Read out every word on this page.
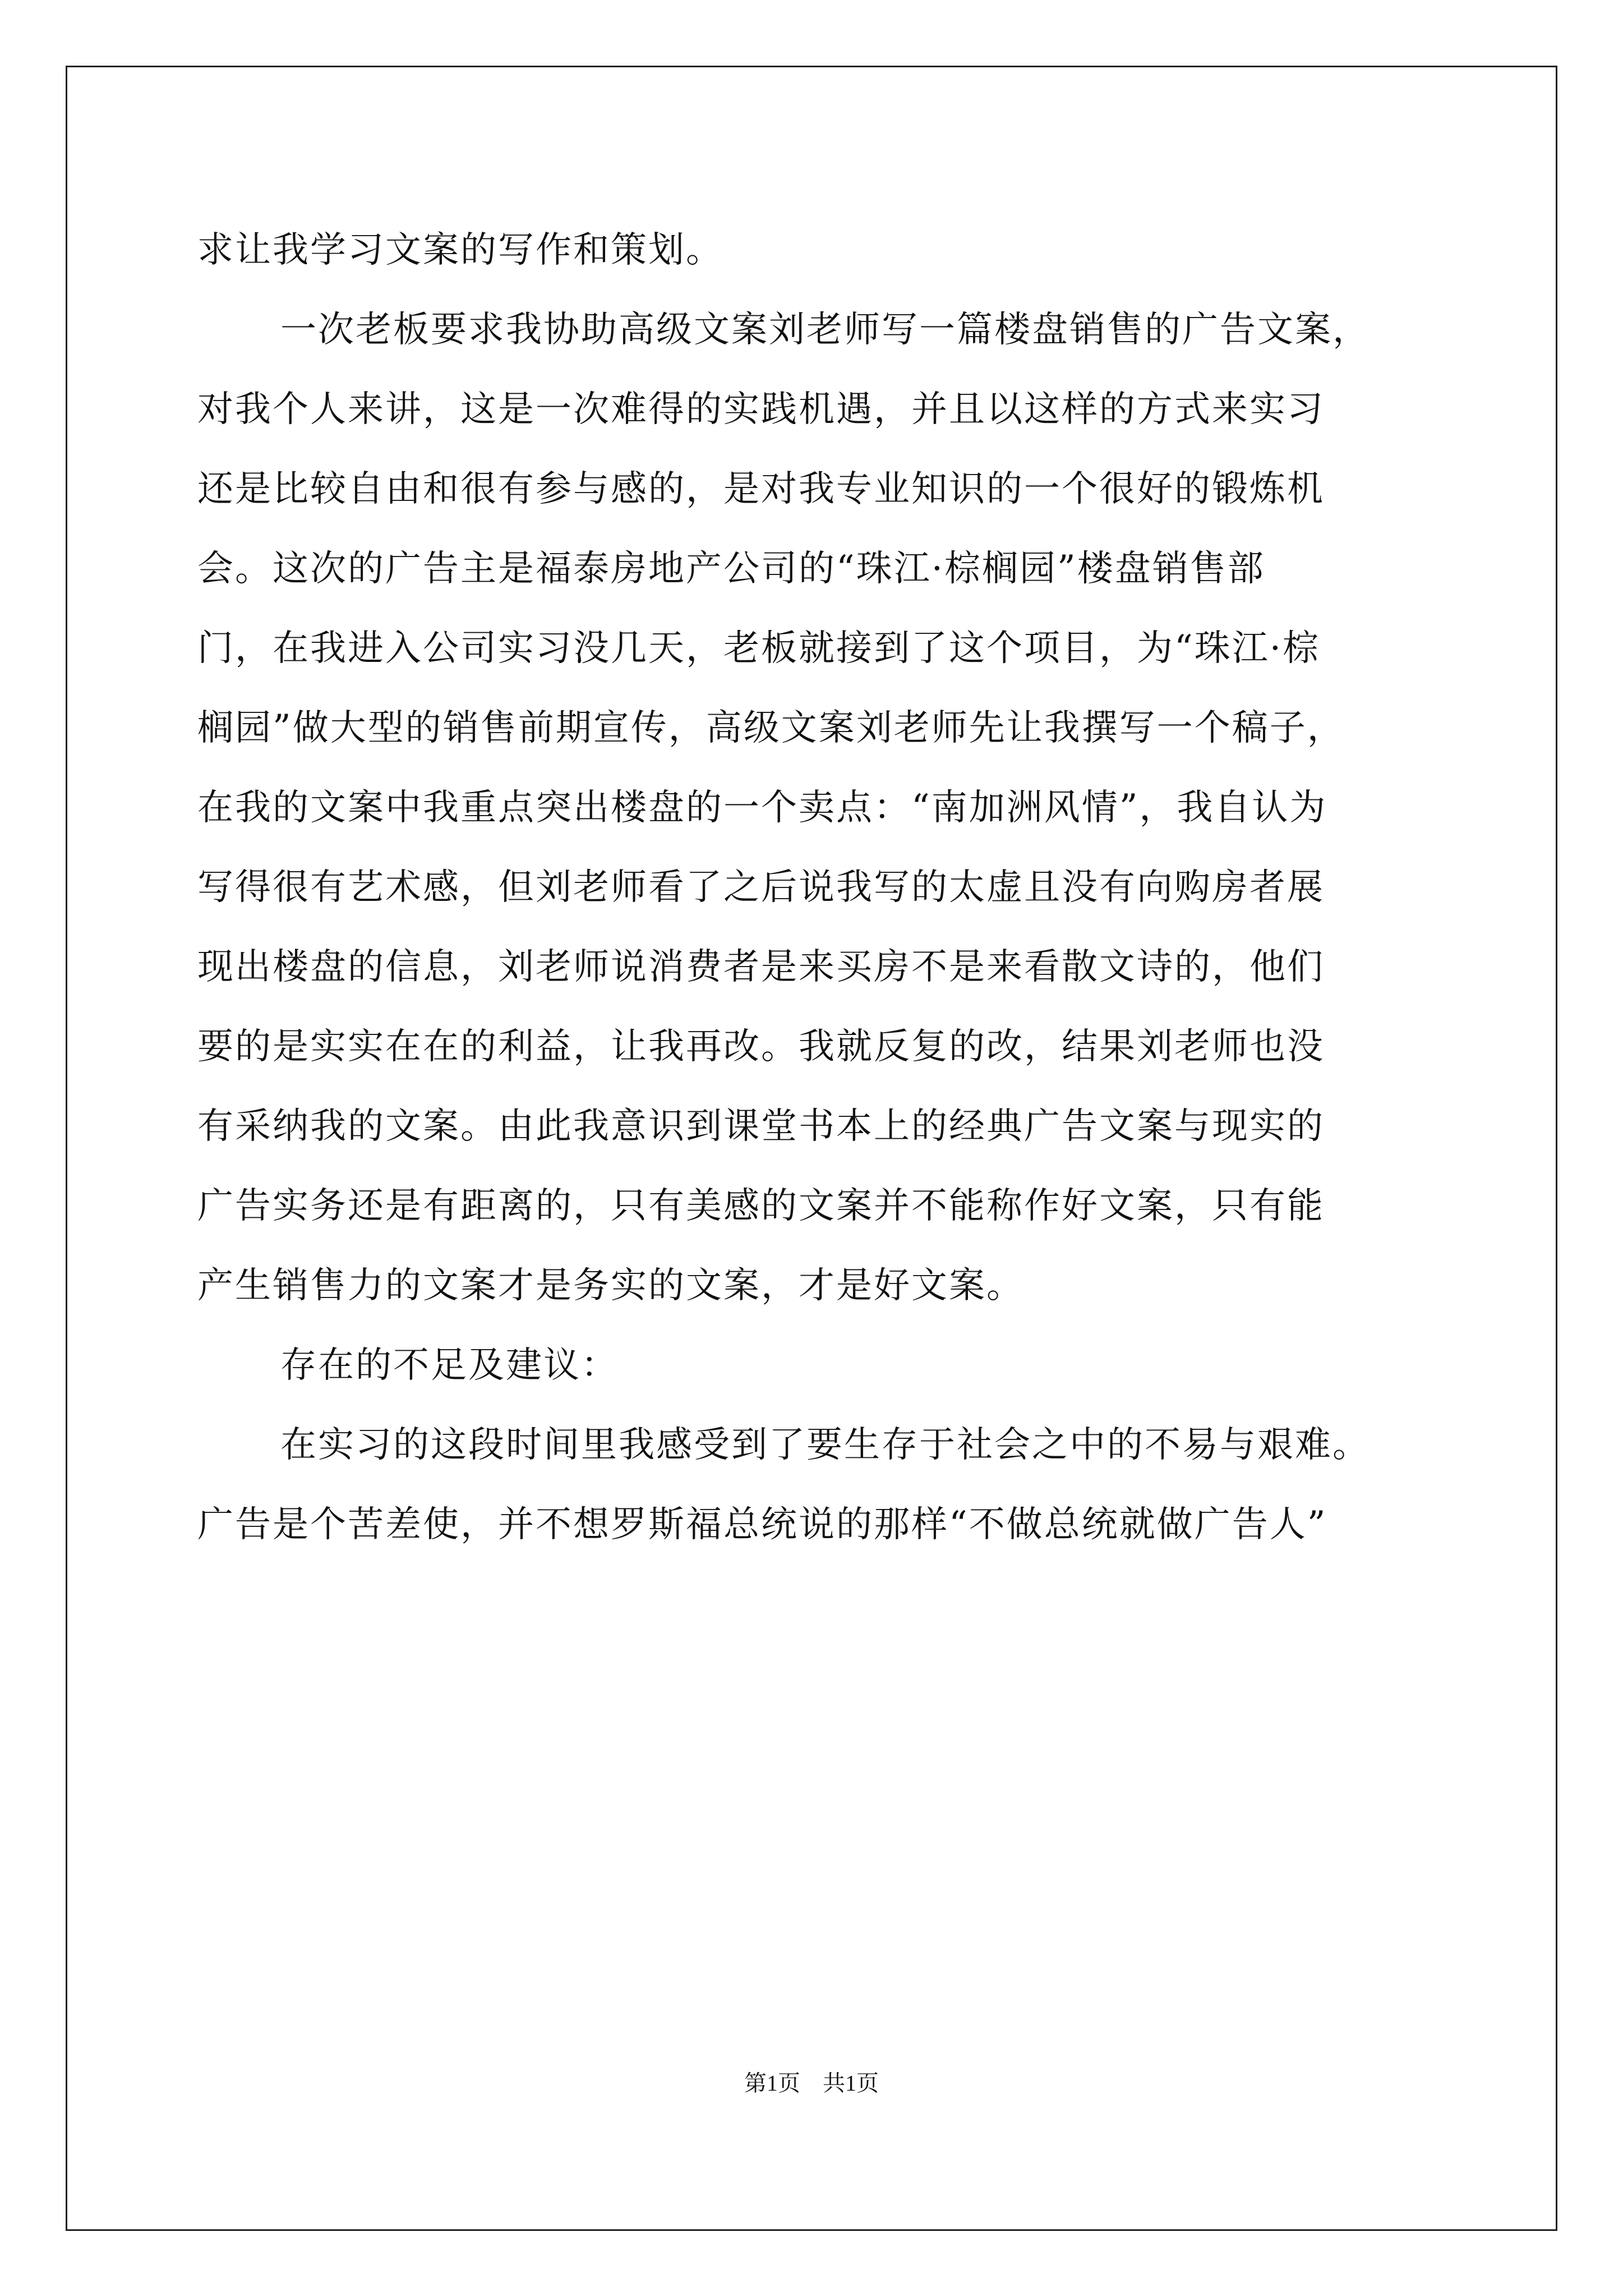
求让我学习文案的写作和策划。
一次老板要求我协助高级文案刘老师写一篇楼盘销售的广告文案，
对我个人来讲，这是一次难得的实践机遇，并且以这样的方式来实习
还是比较自由和很有参与感的，是对我专业知识的一个很好的锻炼机
会。这次的广告主是福泰房地产公司的“珠江·棕榈园”楼盘销售部
门，在我进入公司实习没几天，老板就接到了这个项目，为“珠江·棕
榈园”做大型的销售前期宣传，高级文案刘老师先让我撰写一个稿子，
在我的文案中我重点突出楼盘的一个卖点：“南加洲风情”，我自认为
写得很有艺术感，但刘老师看了之后说我写的太虚且没有向购房者展
现出楼盘的信息，刘老师说消费者是来买房不是来看散文诗的，他们
要的是实实在在的利益，让我再改。我就反复的改，结果刘老师也没
有采纳我的文案。由此我意识到课堂书本上的经典广告文案与现实的
广告实务还是有距离的，只有美感的文案并不能称作好文案，只有能
产生销售力的文案才是务实的文案，才是好文案。
存在的不足及建议：
在实习的这段时间里我感受到了要生存于社会之中的不易与艰难。
广告是个苦差使，并不想罗斯福总统说的那样“不做总统就做广告人”
第1页　共1页
